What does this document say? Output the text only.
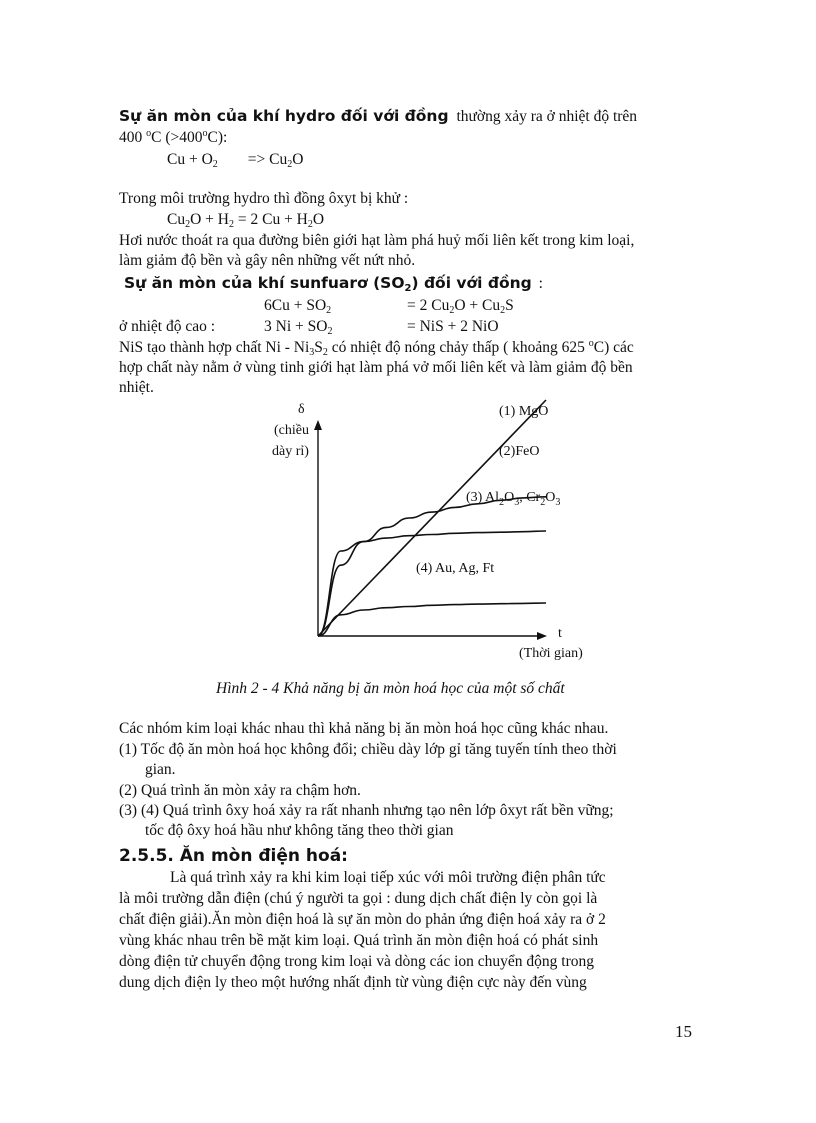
Sự ăn mòn của khí hydro đối với đồng thường xảy ra ở nhiệt độ trên
400 $^o$C $(>400^oC)$:
$Cu + O_2 => Cu_2O$
Trong môi trường hydro thì đồng ôxyt bị khử :
$Cu_2O + H_2 = 2$ $Cu + H_2O$
Hơi nước thoát ra qua đường biên giới hạt làm phá huỷ mối liên kết trong kim loại,
làm giảm độ bền và gây nên những vết nứt nhỏ.
Sự ăn mòn của khí sunfuarơ $(SO_2)$ đối với đồng :
$6Cu + SO_2$	= 2 $Cu_2O + Cu_2S$
ở nhiệt độ cao :	3 $Ni + SO_2$	= NiS + 2 NiO
NiS tạo thành hợp chất Ni - $Ni_3S_2$ có nhiệt độ nóng chảy thấp ( khoảng 625 $^o$C) các
hợp chất này nằm ở vùng tinh giới hạt làm phá vở mối liên kết và làm giảm độ bền
nhiệt.
δ
(chiều
dày rỉ)
t
(Thời gian)
(1) MgO
(2)FeO
(3) $Al_2O_3$, $Cr_2O_3$
(4) Au, Ag, Ft
Hình 2 - 4 Khả năng bị ăn mòn hoá học của một số chất
Các nhóm kim loại khác nhau thì khả năng bị ăn mòn hoá học cũng khác nhau.
(1) Tốc độ ăn mòn hoá học không đổi; chiều dày lớp gỉ tăng tuyến tính theo thời
gian.
(2) Quá trình ăn mòn xảy ra chậm hơn.
(3) (4) Quá trình ôxy hoá xảy ra rất nhanh nhưng tạo nên lớp ôxyt rất bền vững;
tốc độ ôxy hoá hầu như không tăng theo thời gian
2.5.5. Ăn mòn điện hoá:
Là quá trình xảy ra khi kim loại tiếp xúc với môi trường điện phân tức
là môi trường dẫn điện (chú ý người ta gọi : dung dịch chất điện ly còn gọi là
chất điện giải).Ăn mòn điện hoá là sự ăn mòn do phản ứng điện hoá xảy ra ở 2
vùng khác nhau trên bề mặt kim loại. Quá trình ăn mòn điện hoá có phát sinh
dòng điện tử chuyển động trong kim loại và dòng các ion chuyển động trong
dung dịch điện ly theo một hướng nhất định từ vùng điện cực này đến vùng
15
